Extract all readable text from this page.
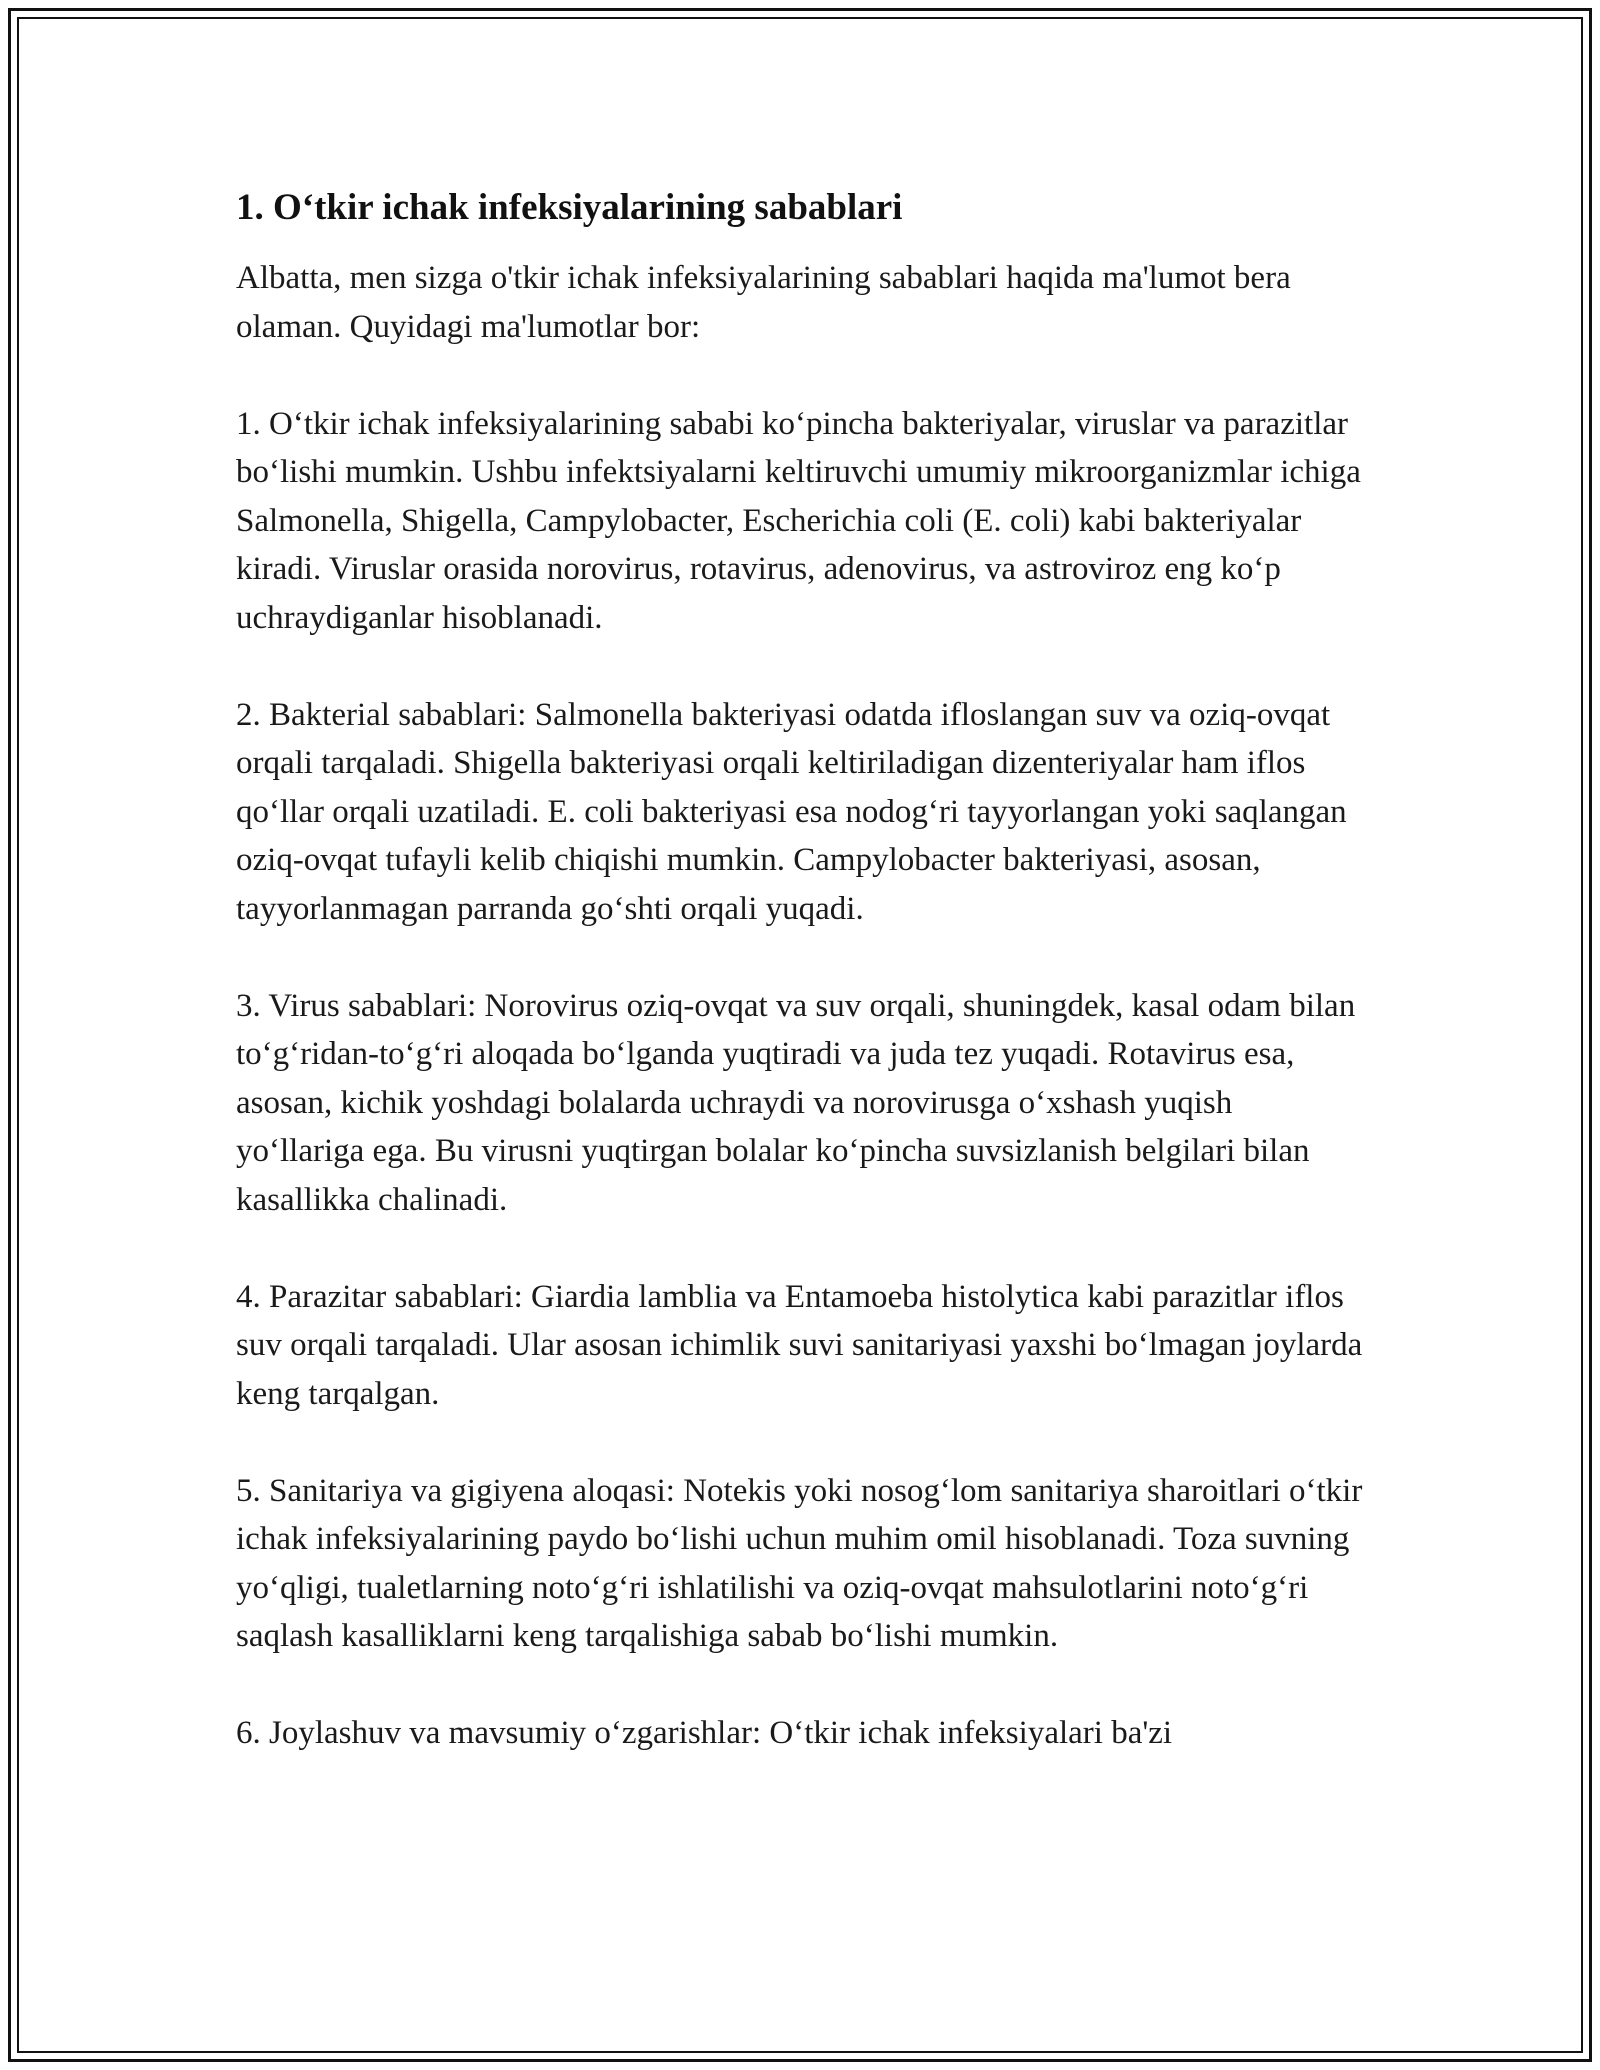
1. O‘tkir ichak infeksiyalarining sabablari

Albatta, men sizga o'tkir ichak infeksiyalarining sabablari haqida ma'lumot bera olaman. Quyidagi ma'lumotlar bor:

1. O‘tkir ichak infeksiyalarining sababi ko‘pincha bakteriyalar, viruslar va parazitlar bo‘lishi mumkin. Ushbu infektsiyalarni keltiruvchi umumiy mikroorganizmlar ichiga Salmonella, Shigella, Campylobacter, Escherichia coli (E. coli) kabi bakteriyalar kiradi. Viruslar orasida norovirus, rotavirus, adenovirus, va astroviroz eng ko‘p uchraydiganlar hisoblanadi.

2. Bakterial sabablari: Salmonella bakteriyasi odatda ifloslangan suv va oziq-ovqat orqali tarqaladi. Shigella bakteriyasi orqali keltiriladigan dizenteriyalar ham iflos qo‘llar orqali uzatiladi. E. coli bakteriyasi esa nodog‘ri tayyorlangan yoki saqlangan oziq-ovqat tufayli kelib chiqishi mumkin. Campylobacter bakteriyasi, asosan, tayyorlanmagan parranda go‘shti orqali yuqadi.

3. Virus sabablari: Norovirus oziq-ovqat va suv orqali, shuningdek, kasal odam bilan to‘g‘ridan-to‘g‘ri aloqada bo‘lganda yuqtiradi va juda tez yuqadi. Rotavirus esa, asosan, kichik yoshdagi bolalarda uchraydi va norovirusga o‘xshash yuqish yo‘llariga ega. Bu virusni yuqtirgan bolalar ko‘pincha suvsizlanish belgilari bilan kasallikka chalinadi.

4. Parazitar sabablari: Giardia lamblia va Entamoeba histolytica kabi parazitlar iflos suv orqali tarqaladi. Ular asosan ichimlik suvi sanitariyasi yaxshi bo‘lmagan joylarda keng tarqalgan.

5. Sanitariya va gigiyena aloqasi: Notekis yoki nosog‘lom sanitariya sharoitlari o‘tkir ichak infeksiyalarining paydo bo‘lishi uchun muhim omil hisoblanadi. Toza suvning yo‘qligi, tualetlarning noto‘g‘ri ishlatilishi va oziq-ovqat mahsulotlarini noto‘g‘ri saqlash kasalliklarni keng tarqalishiga sabab bo‘lishi mumkin.

6. Joylashuv va mavsumiy o‘zgarishlar: O‘tkir ichak infeksiyalari ba'zi
